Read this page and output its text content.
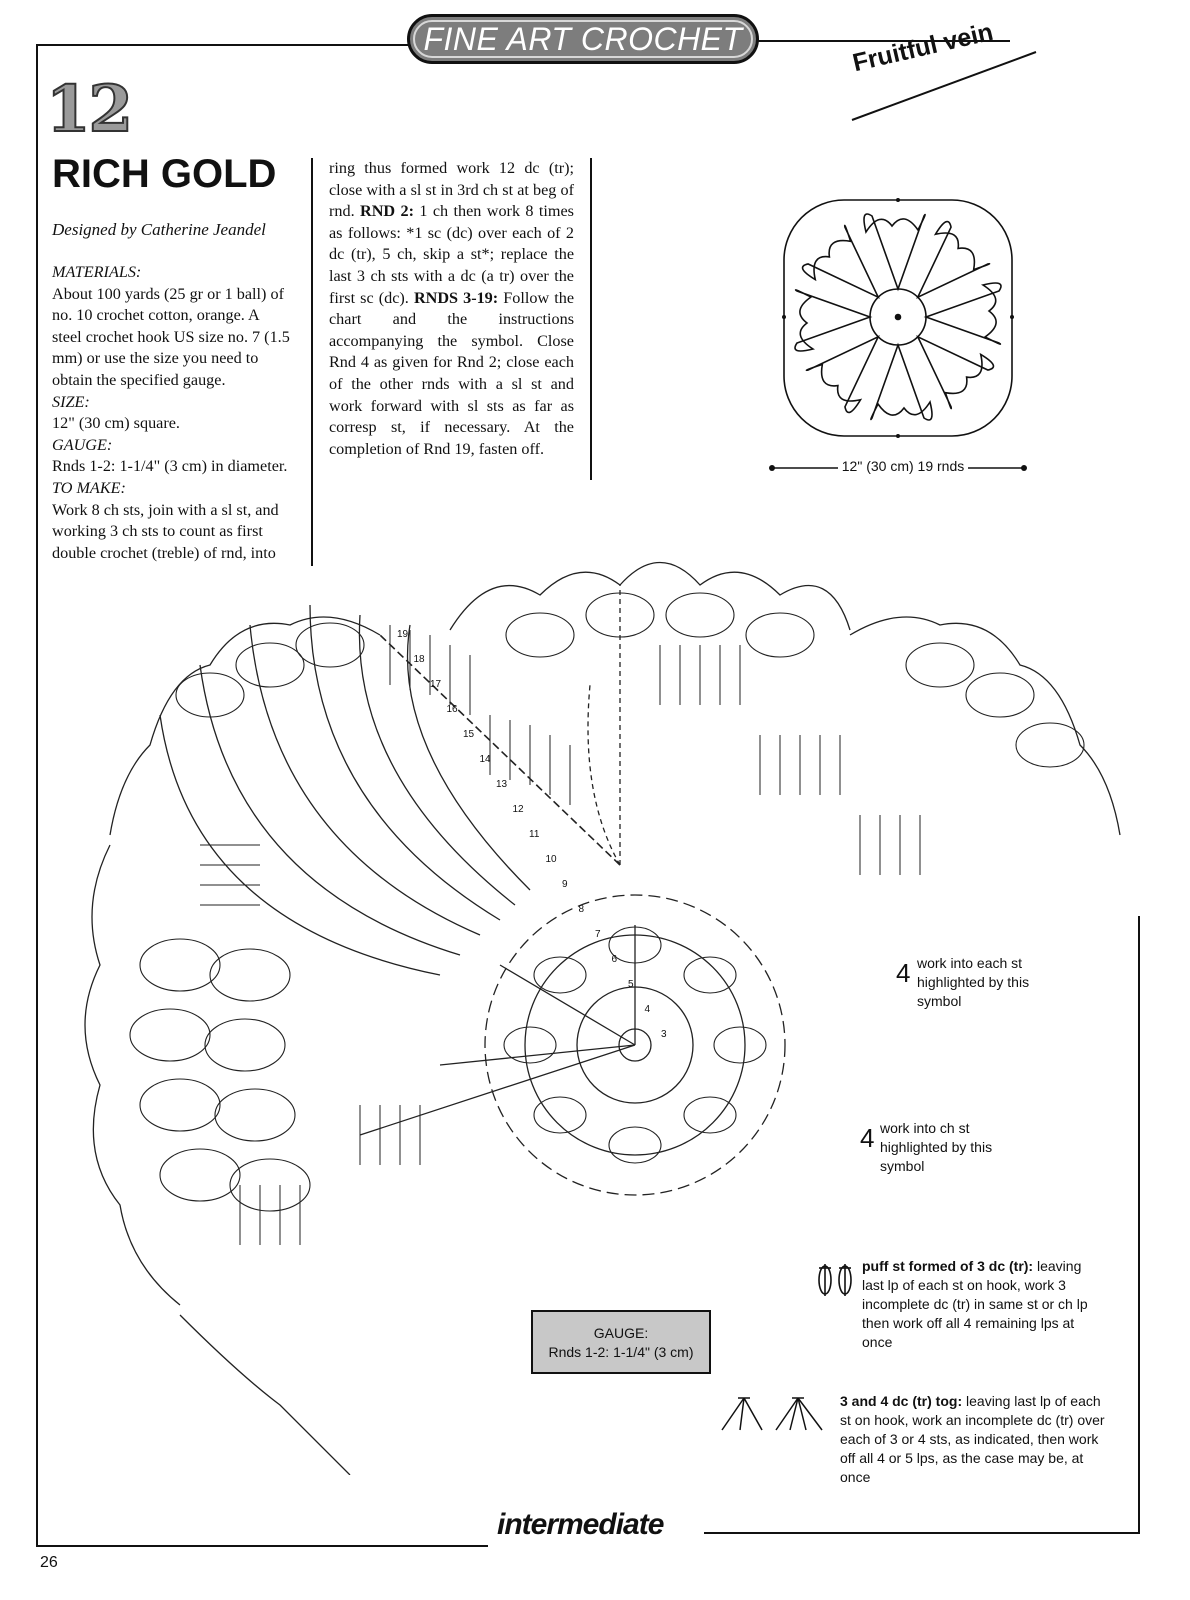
FINE ART CROCHET	Fruitful vein
12
RICH GOLD
Designed by Catherine Jeandel

MATERIALS:

About 100 yards (25 gr or 1 ball) of no. 10 crochet cotton, orange. A steel crochet hook US size no. 7 (1.5 mm) or use the size you need to obtain the specified gauge.

SIZE:

12" (30 cm) square.

GAUGE:

Rnds 1-2: 1-1/4" (3 cm) in diameter.

TO MAKE:

Work 8 ch sts, join with a sl st, and working 3 ch sts to count as first double crochet (treble) of rnd, into

ring thus formed work 12 dc (tr); close with a sl st in 3rd ch st at beg of rnd. RND 2: 1 ch then work 8 times as follows: *1 sc (dc) over each of 2 dc (tr), 5 ch, skip a st*; replace the last 3 ch sts with a dc (a tr) over the first sc (dc). RNDS 3-19: Follow the chart and the instructions accompanying the symbol. Close Rnd 4 as given for Rnd 2; close each of the other rnds with a sl st and work forward with sl sts as far as corresp st, if necessary. At the completion of Rnd 19, fasten off.

12" (30 cm) 19 rnds
19
18
17
16
15
14
13
12
11
10
9
8
7
6
5
4
3
4 work into each st highlighted by this symbol
4 work into ch st highlighted by this symbol
puff st formed of 3 dc (tr): leaving last lp of each st on hook, work 3 incomplete dc (tr) in same st or ch lp then work off all 4 remaining lps at once
3 and 4 dc (tr) tog: leaving last lp of each st on hook, work an incomplete dc (tr) over each of 3 or 4 sts, as indicated, then work off all 4 or 5 lps, as the case may be, at once
GAUGE:
Rnds 1-2: 1-1/4" (3 cm)
intermediate
26
